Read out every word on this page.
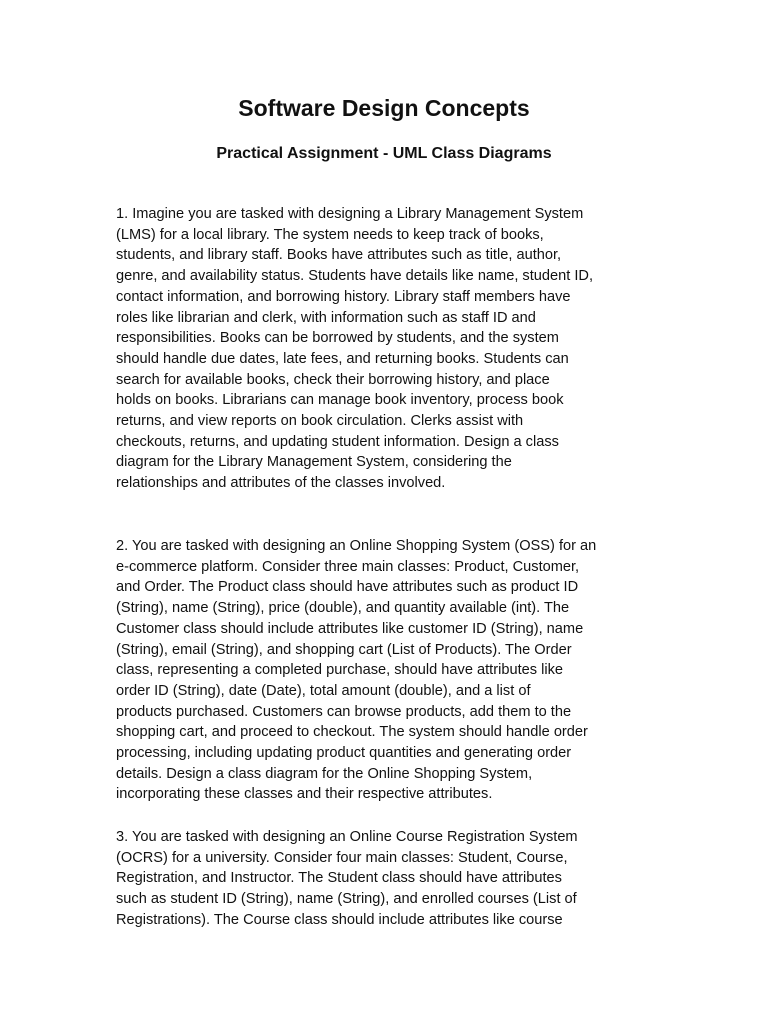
Software Design Concepts
Practical Assignment - UML Class Diagrams

1. Imagine you are tasked with designing a Library Management System
(LMS) for a local library. The system needs to keep track of books,
students, and library staff. Books have attributes such as title, author,
genre, and availability status. Students have details like name, student ID,
contact information, and borrowing history. Library staff members have
roles like librarian and clerk, with information such as staff ID and
responsibilities. Books can be borrowed by students, and the system
should handle due dates, late fees, and returning books. Students can
search for available books, check their borrowing history, and place
holds on books. Librarians can manage book inventory, process book
returns, and view reports on book circulation. Clerks assist with
checkouts, returns, and updating student information. Design a class
diagram for the Library Management System, considering the
relationships and attributes of the classes involved.

2. You are tasked with designing an Online Shopping System (OSS) for an
e-commerce platform. Consider three main classes: Product, Customer,
and Order. The Product class should have attributes such as product ID
(String), name (String), price (double), and quantity available (int). The
Customer class should include attributes like customer ID (String), name
(String), email (String), and shopping cart (List of Products). The Order
class, representing a completed purchase, should have attributes like
order ID (String), date (Date), total amount (double), and a list of
products purchased. Customers can browse products, add them to the
shopping cart, and proceed to checkout. The system should handle order
processing, including updating product quantities and generating order
details. Design a class diagram for the Online Shopping System,
incorporating these classes and their respective attributes.

3. You are tasked with designing an Online Course Registration System
(OCRS) for a university. Consider four main classes: Student, Course,
Registration, and Instructor. The Student class should have attributes
such as student ID (String), name (String), and enrolled courses (List of
Registrations). The Course class should include attributes like course
